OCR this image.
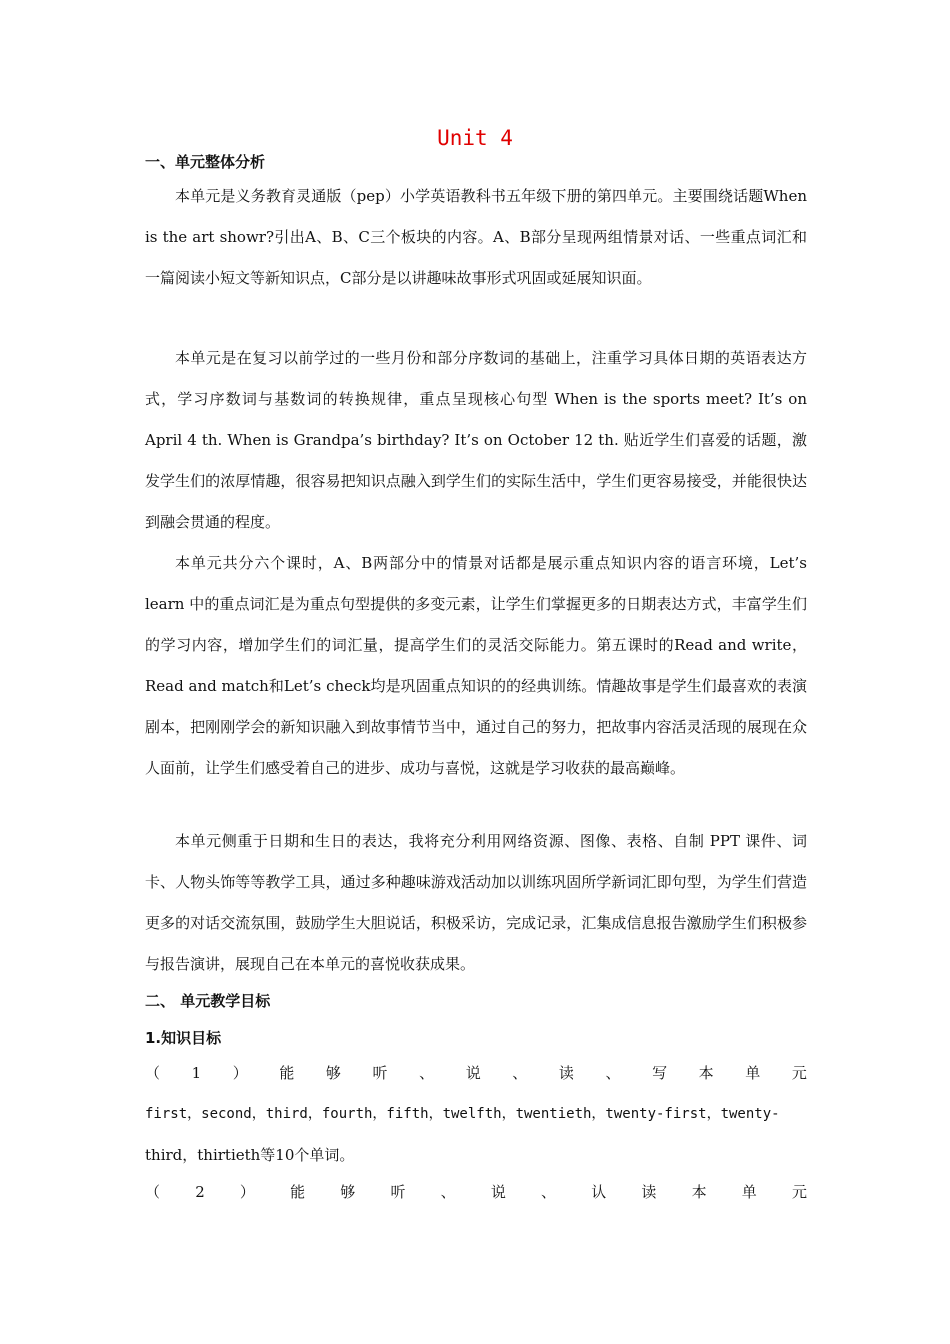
Unit 4
一、单元整体分析
本单元是义务教育灵通版（pep）小学英语教科书五年级下册的第四单元。主要围绕话题When is the art showr?引出A、B、C三个板块的内容。A、B部分呈现两组情景对话、一些重点词汇和一篇阅读小短文等新知识点，C部分是以讲趣味故事形式巩固或延展知识面。
本单元是在复习以前学过的一些月份和部分序数词的基础上，注重学习具体日期的英语表达方式，学习序数词与基数词的转换规律，重点呈现核心句型 When is the sports meet? It’s on April 4 th. When is Grandpa’s birthday? It’s on October 12 th. 贴近学生们喜爱的话题，激发学生们的浓厚情趣，很容易把知识点融入到学生们的实际生活中，学生们更容易接受，并能很快达到融会贯通的程度。
本单元共分六个课时，A、B两部分中的情景对话都是展示重点知识内容的语言环境，Let’s learn 中的重点词汇是为重点句型提供的多变元素，让学生们掌握更多的日期表达方式，丰富学生们的学习内容，增加学生们的词汇量，提高学生们的灵活交际能力。第五课时的Read and write，Read and match和Let’s check均是巩固重点知识的的经典训练。情趣故事是学生们最喜欢的表演剧本，把刚刚学会的新知识融入到故事情节当中，通过自己的努力，把故事内容活灵活现的展现在众人面前，让学生们感受着自己的进步、成功与喜悦，这就是学习收获的最高巅峰。
本单元侧重于日期和生日的表达，我将充分利用网络资源、图像、表格、自制 PPT 课件、词卡、人物头饰等等教学工具，通过多种趣味游戏活动加以训练巩固所学新词汇即句型，为学生们营造更多的对话交流氛围，鼓励学生大胆说话，积极采访，完成记录，汇集成信息报告激励学生们积极参与报告演讲，展现自己在本单元的喜悦收获成果。
二、 单元教学目标
1.知识目标
（ 1 ） 能 够 听 、 说 、 读 、 写 本 单 元
first，second，third，fourth，fifth，twelfth，twentieth，twenty-first，twenty-
third，thirtieth等10个单词。
（ 2 ） 能 够 听 、 说 、 认 读 本 单 元
